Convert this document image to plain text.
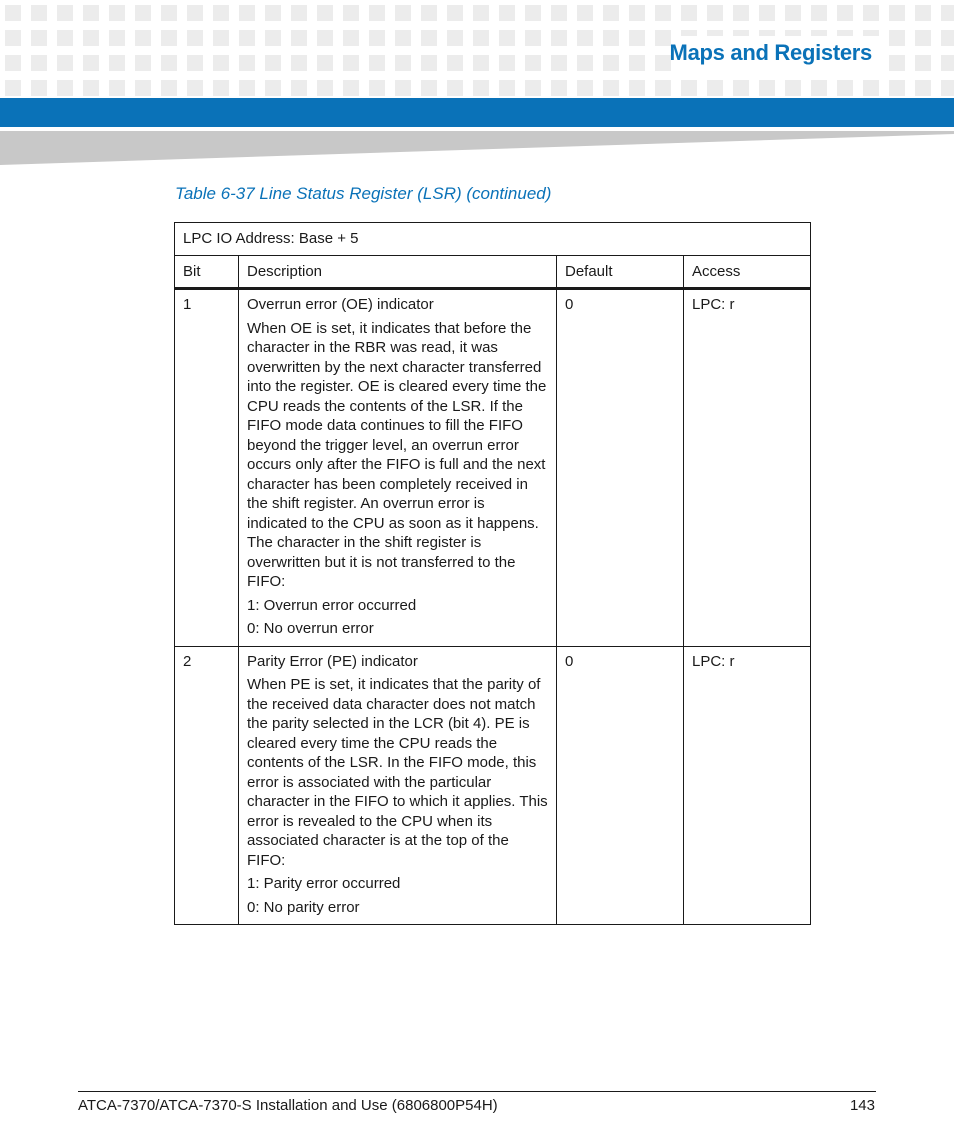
Maps and Registers
Table 6-37 Line Status Register (LSR) (continued)
LPC IO Address: Base + 5			
Bit	Description	Default	Access
1	Overrun error (OE) indicator

When OE is set, it indicates that before the character in the RBR was read, it was overwritten by the next character transferred into the register. OE is cleared every time the CPU reads the contents of the LSR. If the FIFO mode data continues to fill the FIFO beyond the trigger level, an overrun error occurs only after the FIFO is full and the next character has been completely received in the shift register. An overrun error is indicated to the CPU as soon as it happens. The character in the shift register is overwritten but it is not transferred to the FIFO:

1: Overrun error occurred

0: No overrun error	0	LPC: r
2	Parity Error (PE) indicator

When PE is set, it indicates that the parity of the received data character does not match the parity selected in the LCR (bit 4). PE is cleared every time the CPU reads the contents of the LSR. In the FIFO mode, this error is associated with the particular character in the FIFO to which it applies. This error is revealed to the CPU when its associated character is at the top of the FIFO:

1: Parity error occurred

0: No parity error	0	LPC: r
ATCA-7370/ATCA-7370-S Installation and Use (6806800P54H)	143
